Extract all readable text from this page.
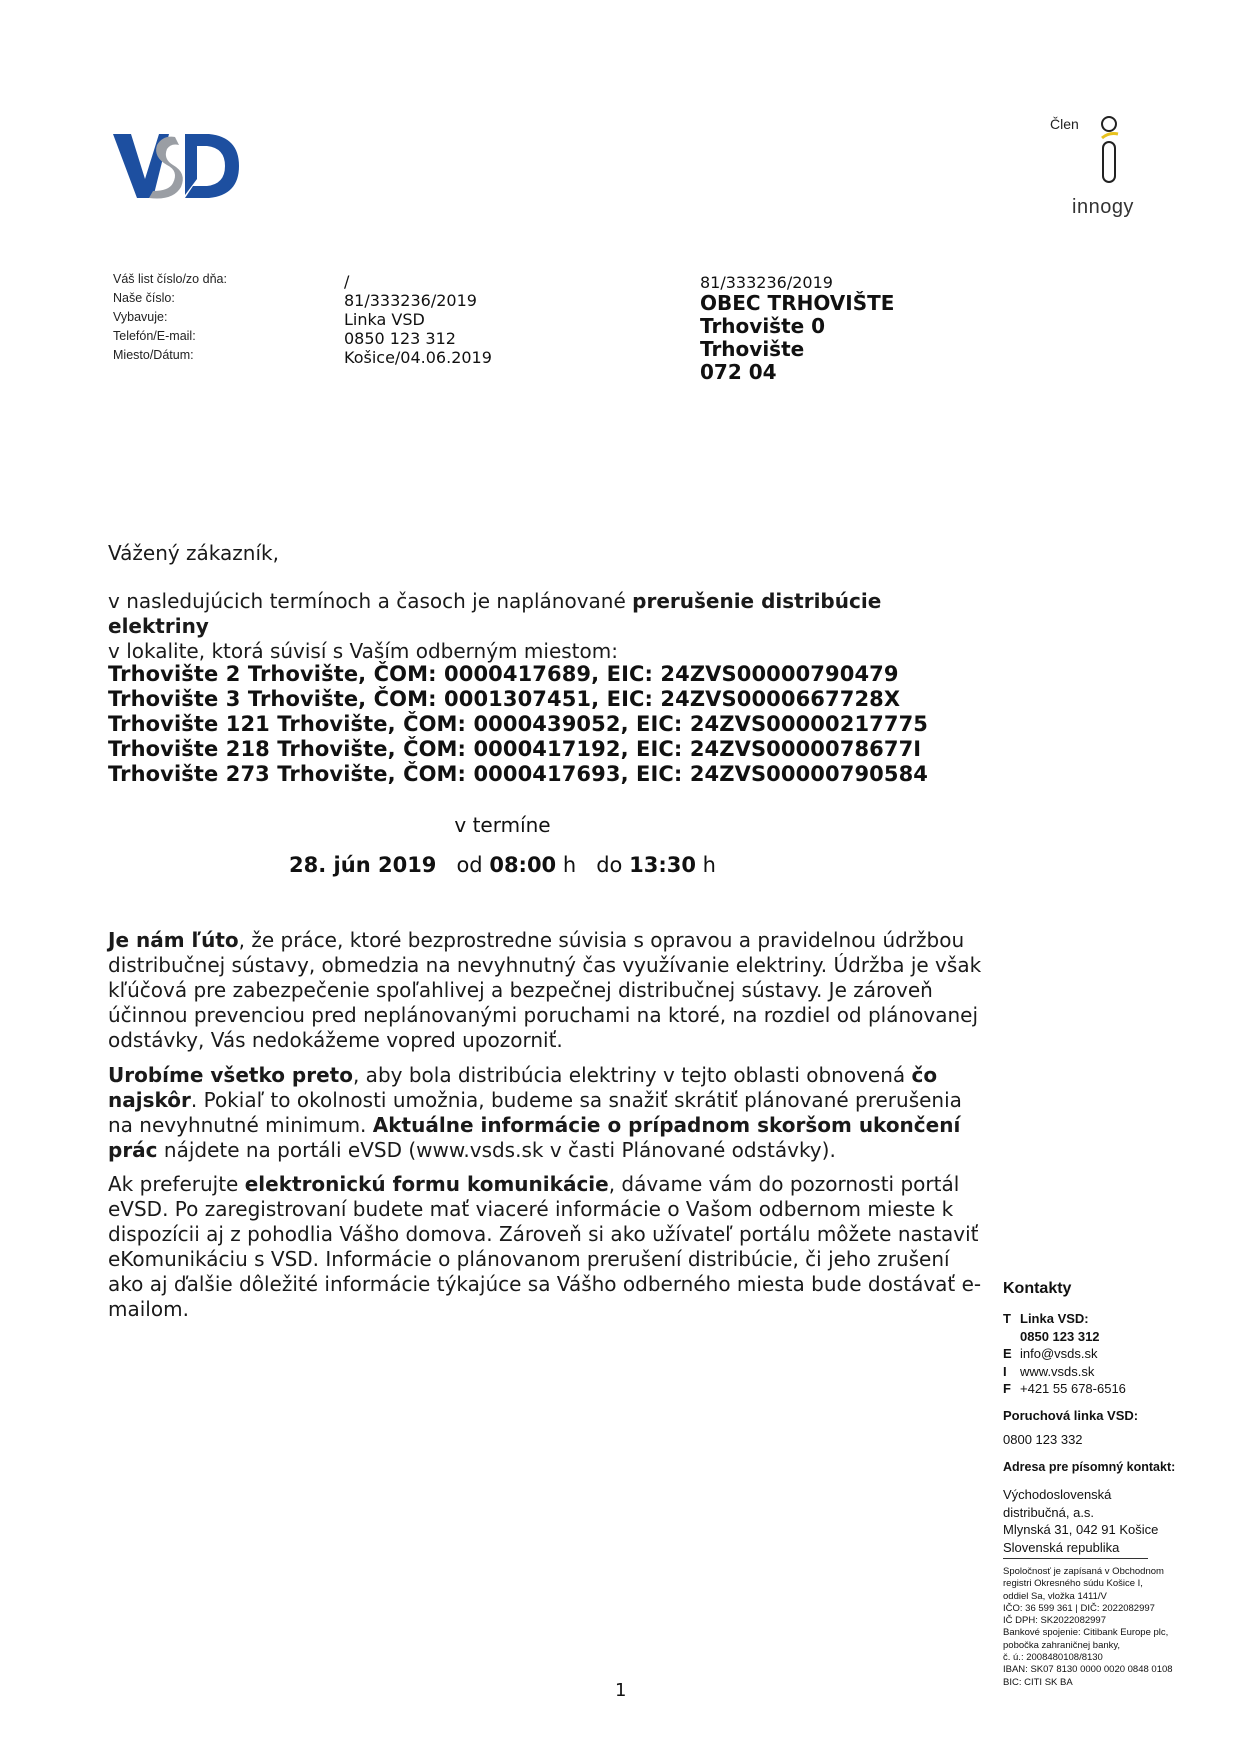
Člen
innogy
Váš list číslo/zo dňa:
Naše číslo:
Vybavuje:
Telefón/E-mail:
Miesto/Dátum:
/
81/333236/2019
Linka VSD
0850 123 312
Košice/04.06.2019
81/333236/2019
OBEC TRHOVIŠTE
Trhovište 0
Trhovište
072 04
Vážený zákazník,
v nasledujúcich termínoch a časoch je naplánované prerušenie distribúcie elektriny
v lokalite, ktorá súvisí s Vaším odberným miestom:
Trhovište 2 Trhovište, ČOM: 0000417689, EIC: 24ZVS00000790479
Trhovište 3 Trhovište, ČOM: 0001307451, EIC: 24ZVS0000667728X
Trhovište 121 Trhovište, ČOM: 0000439052, EIC: 24ZVS00000217775
Trhovište 218 Trhovište, ČOM: 0000417192, EIC: 24ZVS0000078677I
Trhovište 273 Trhovište, ČOM: 0000417693, EIC: 24ZVS00000790584
v termíne
28. jún 2019 od 08:00 h do 13:30 h
Je nám ľúto, že práce, ktoré bezprostredne súvisia s opravou a pravidelnou údržbou distribučnej sústavy, obmedzia na nevyhnutný čas využívanie elektriny. Údržba je však kľúčová pre zabezpečenie spoľahlivej a bezpečnej distribučnej sústavy. Je zároveň účinnou prevenciou pred neplánovanými poruchami na ktoré, na rozdiel od plánovanej odstávky, Vás nedokážeme vopred upozorniť.
Urobíme všetko preto, aby bola distribúcia elektriny v tejto oblasti obnovená čo najskôr. Pokiaľ to okolnosti umožnia, budeme sa snažiť skrátiť plánované prerušenia na nevyhnutné minimum. Aktuálne informácie o prípadnom skoršom ukončení prác nájdete na portáli eVSD (www.vsds.sk v časti Plánované odstávky).
Ak preferujte elektronickú formu komunikácie, dávame vám do pozornosti portál eVSD. Po zaregistrovaní budete mať viaceré informácie o Vašom odbernom mieste k dispozícii aj z pohodlia Vášho domova. Zároveň si ako užívateľ portálu môžete nastaviť eKomunikáciu s VSD. Informácie o plánovanom prerušení distribúcie, či jeho zrušení ako aj ďalšie dôležité informácie týkajúce sa Vášho odberného miesta bude dostávať e-mailom.
1
Kontakty
T Linka VSD:
0850 123 312
E info@vsds.sk
I www.vsds.sk
F +421 55 678-6516
Poruchová linka VSD:
0800 123 332
Adresa pre písomný kontakt:
Východoslovenská
distribučná, a.s.
Mlynská 31, 042 91 Košice
Slovenská republika
Spoločnosť je zapísaná v Obchodnom
registri Okresného súdu Košice I,
oddiel Sa, vložka 1411/V
IČO: 36 599 361 | DIČ: 2022082997
IČ DPH: SK2022082997
Bankové spojenie: Citibank Europe plc,
pobočka zahraničnej banky,
č. ú.: 2008480108/8130
IBAN: SK07 8130 0000 0020 0848 0108
BIC: CITI SK BA
